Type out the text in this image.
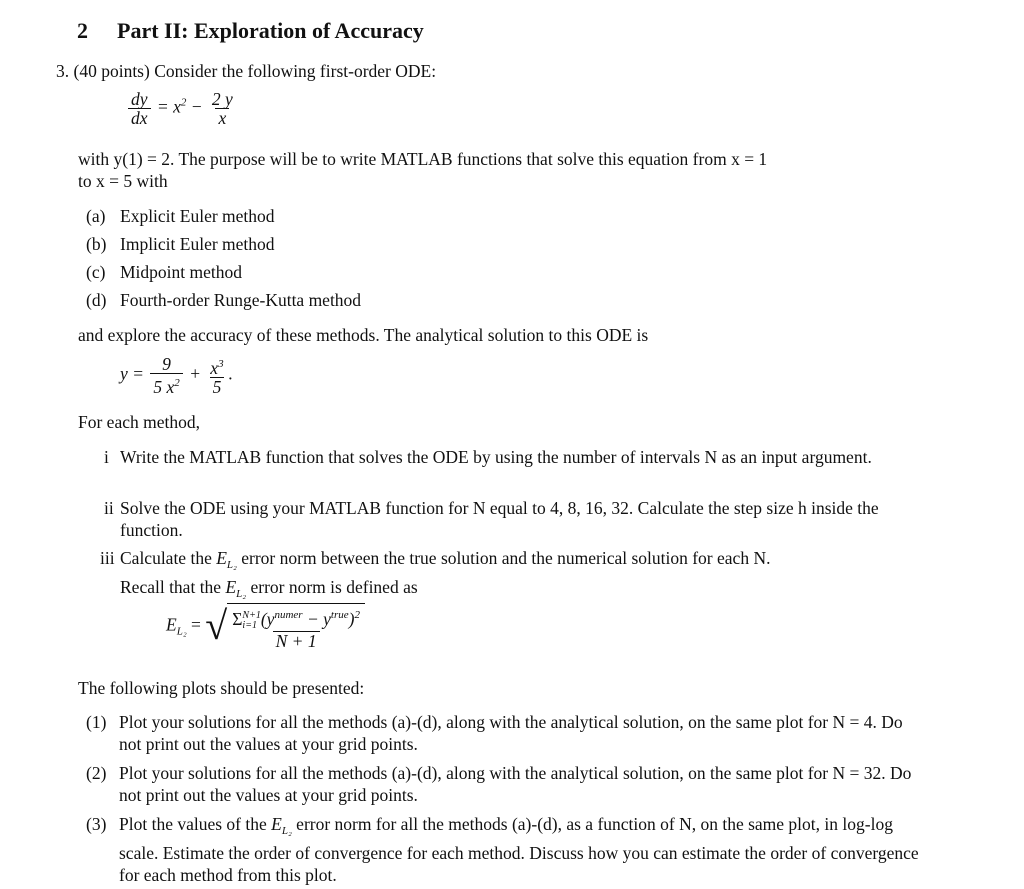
2 Part II: Exploration of Accuracy
3. (40 points) Consider the following first-order ODE:
$\frac{dy}{dx} = x^2 - \frac{2 y}{x}$
with y(1) = 2. The purpose will be to write MATLAB functions that solve this equation from x = 1
to x = 5 with
(a) Explicit Euler method
(b) Implicit Euler method
(c) Midpoint method
(d) Fourth-order Runge-Kutta method
and explore the accuracy of these methods. The analytical solution to this ODE is
$y = \frac{9}{5 x^2} + \frac{x^3}{5}$ .
For each method,
i Write the MATLAB function that solves the ODE by using the number of intervals N as an input argument.
ii Solve the ODE using your MATLAB function for N equal to 4, 8, 16, 32. Calculate the step size h inside the function.
iii Calculate the $E_{L_2}$ error norm between the true solution and the numerical solution for each N.
Recall that the $E_{L_2}$ error norm is defined as
$E_{L_2}$ = √ Σ N+1
i=1 $(y^{numer} - y^{true})^2$
N + 1
The following plots should be presented:
(1) Plot your solutions for all the methods (a)-(d), along with the analytical solution, on the same plot for N = 4. Do not print out the values at your grid points.
(2) Plot your solutions for all the methods (a)-(d), along with the analytical solution, on the same plot for N = 32. Do not print out the values at your grid points.
(3) Plot the values of the $E_{L_2}$ error norm for all the methods (a)-(d), as a function of N, on the same plot, in log-log scale. Estimate the order of convergence for each method. Discuss how you can estimate the order of convergence for each method from this plot.
